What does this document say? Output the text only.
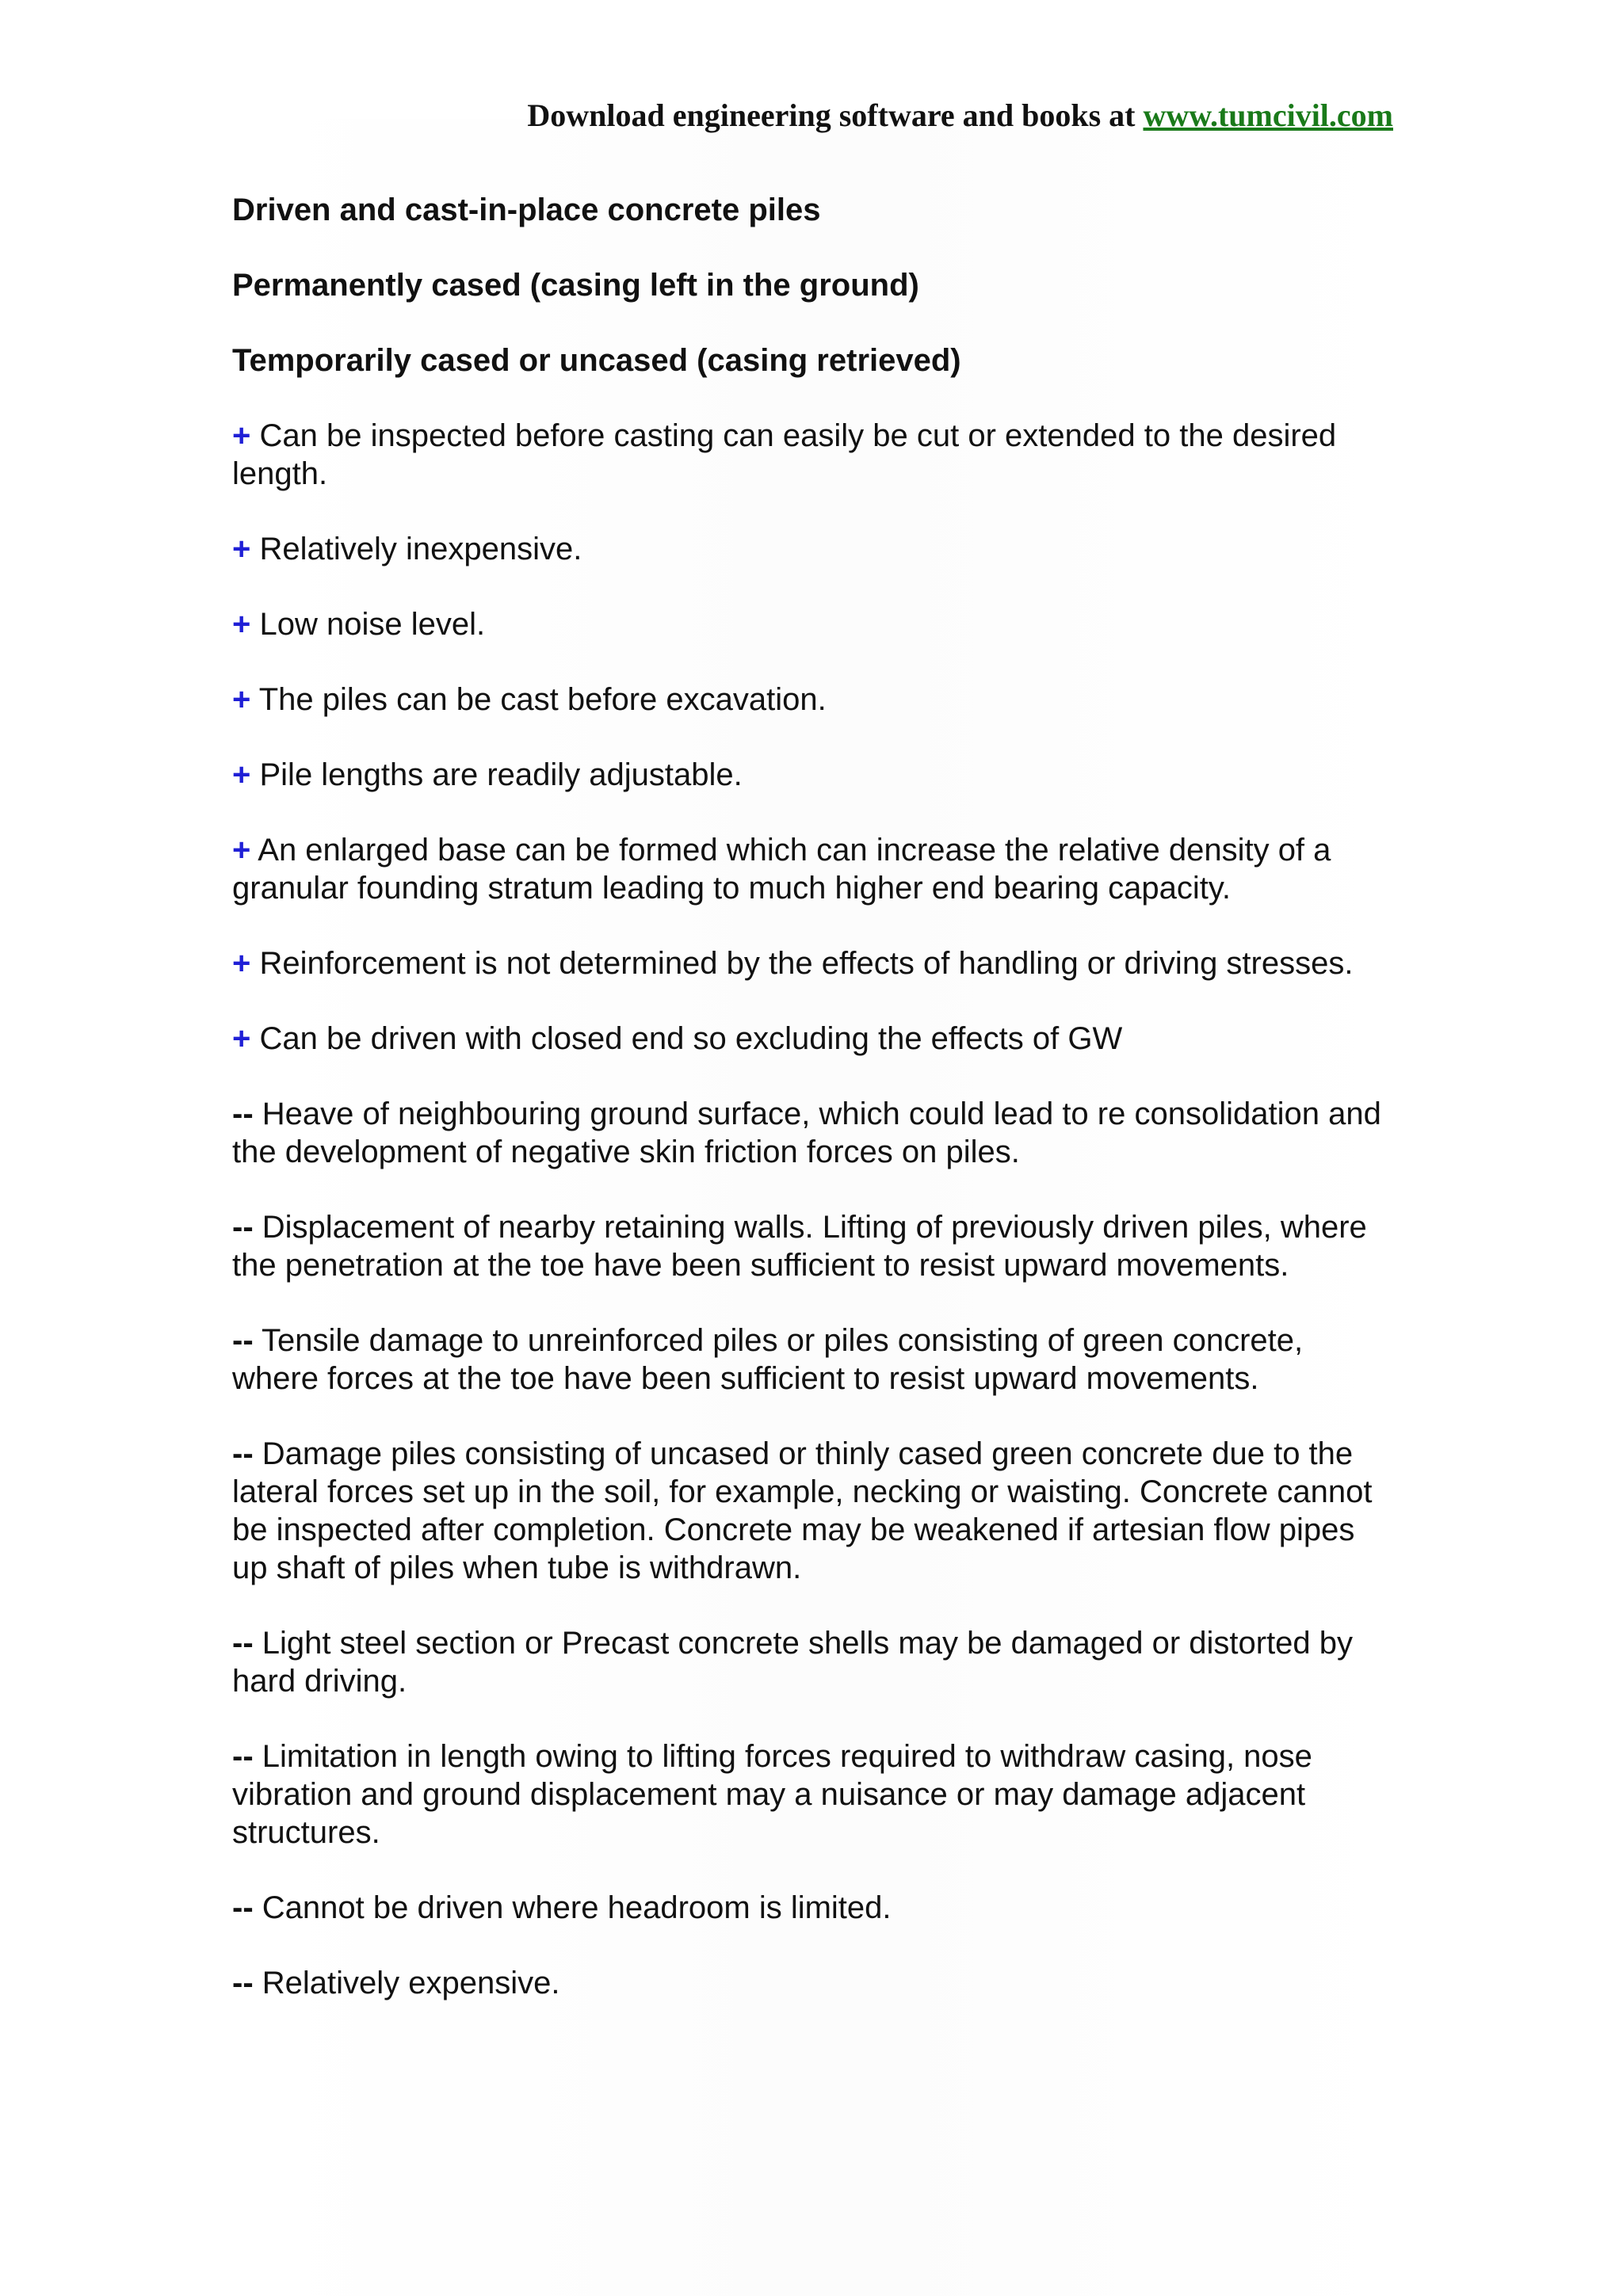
Download engineering software and books at www.tumcivil.com
Driven and cast-in-place concrete piles
Permanently cased (casing left in the ground)
Temporarily cased or uncased (casing retrieved)
+ Can be inspected before casting can easily be cut or extended to the desired length.
+ Relatively inexpensive.
+ Low noise level.
+ The piles can be cast before excavation.
+ Pile lengths are readily adjustable.
+ An enlarged base can be formed which can increase the relative density of a granular founding stratum leading to much higher end bearing capacity.
+ Reinforcement is not determined by the effects of handling or driving stresses.
+ Can be driven with closed end so excluding the effects of GW
-- Heave of neighbouring ground surface, which could lead to re consolidation and the development of negative skin friction forces on piles.
-- Displacement of nearby retaining walls. Lifting of previously driven piles, where the penetration at the toe have been sufficient to resist upward movements.
-- Tensile damage to unreinforced piles or piles consisting of green concrete, where forces at the toe have been sufficient to resist upward movements.
-- Damage piles consisting of uncased or thinly cased green concrete due to the lateral forces set up in the soil, for example, necking or waisting. Concrete cannot be inspected after completion. Concrete may be weakened if artesian flow pipes up shaft of piles when tube is withdrawn.
-- Light steel section or Precast concrete shells may be damaged or distorted by hard driving.
-- Limitation in length owing to lifting forces required to withdraw casing, nose vibration and ground displacement may a nuisance or may damage adjacent structures.
-- Cannot be driven where headroom is limited.
-- Relatively expensive.
